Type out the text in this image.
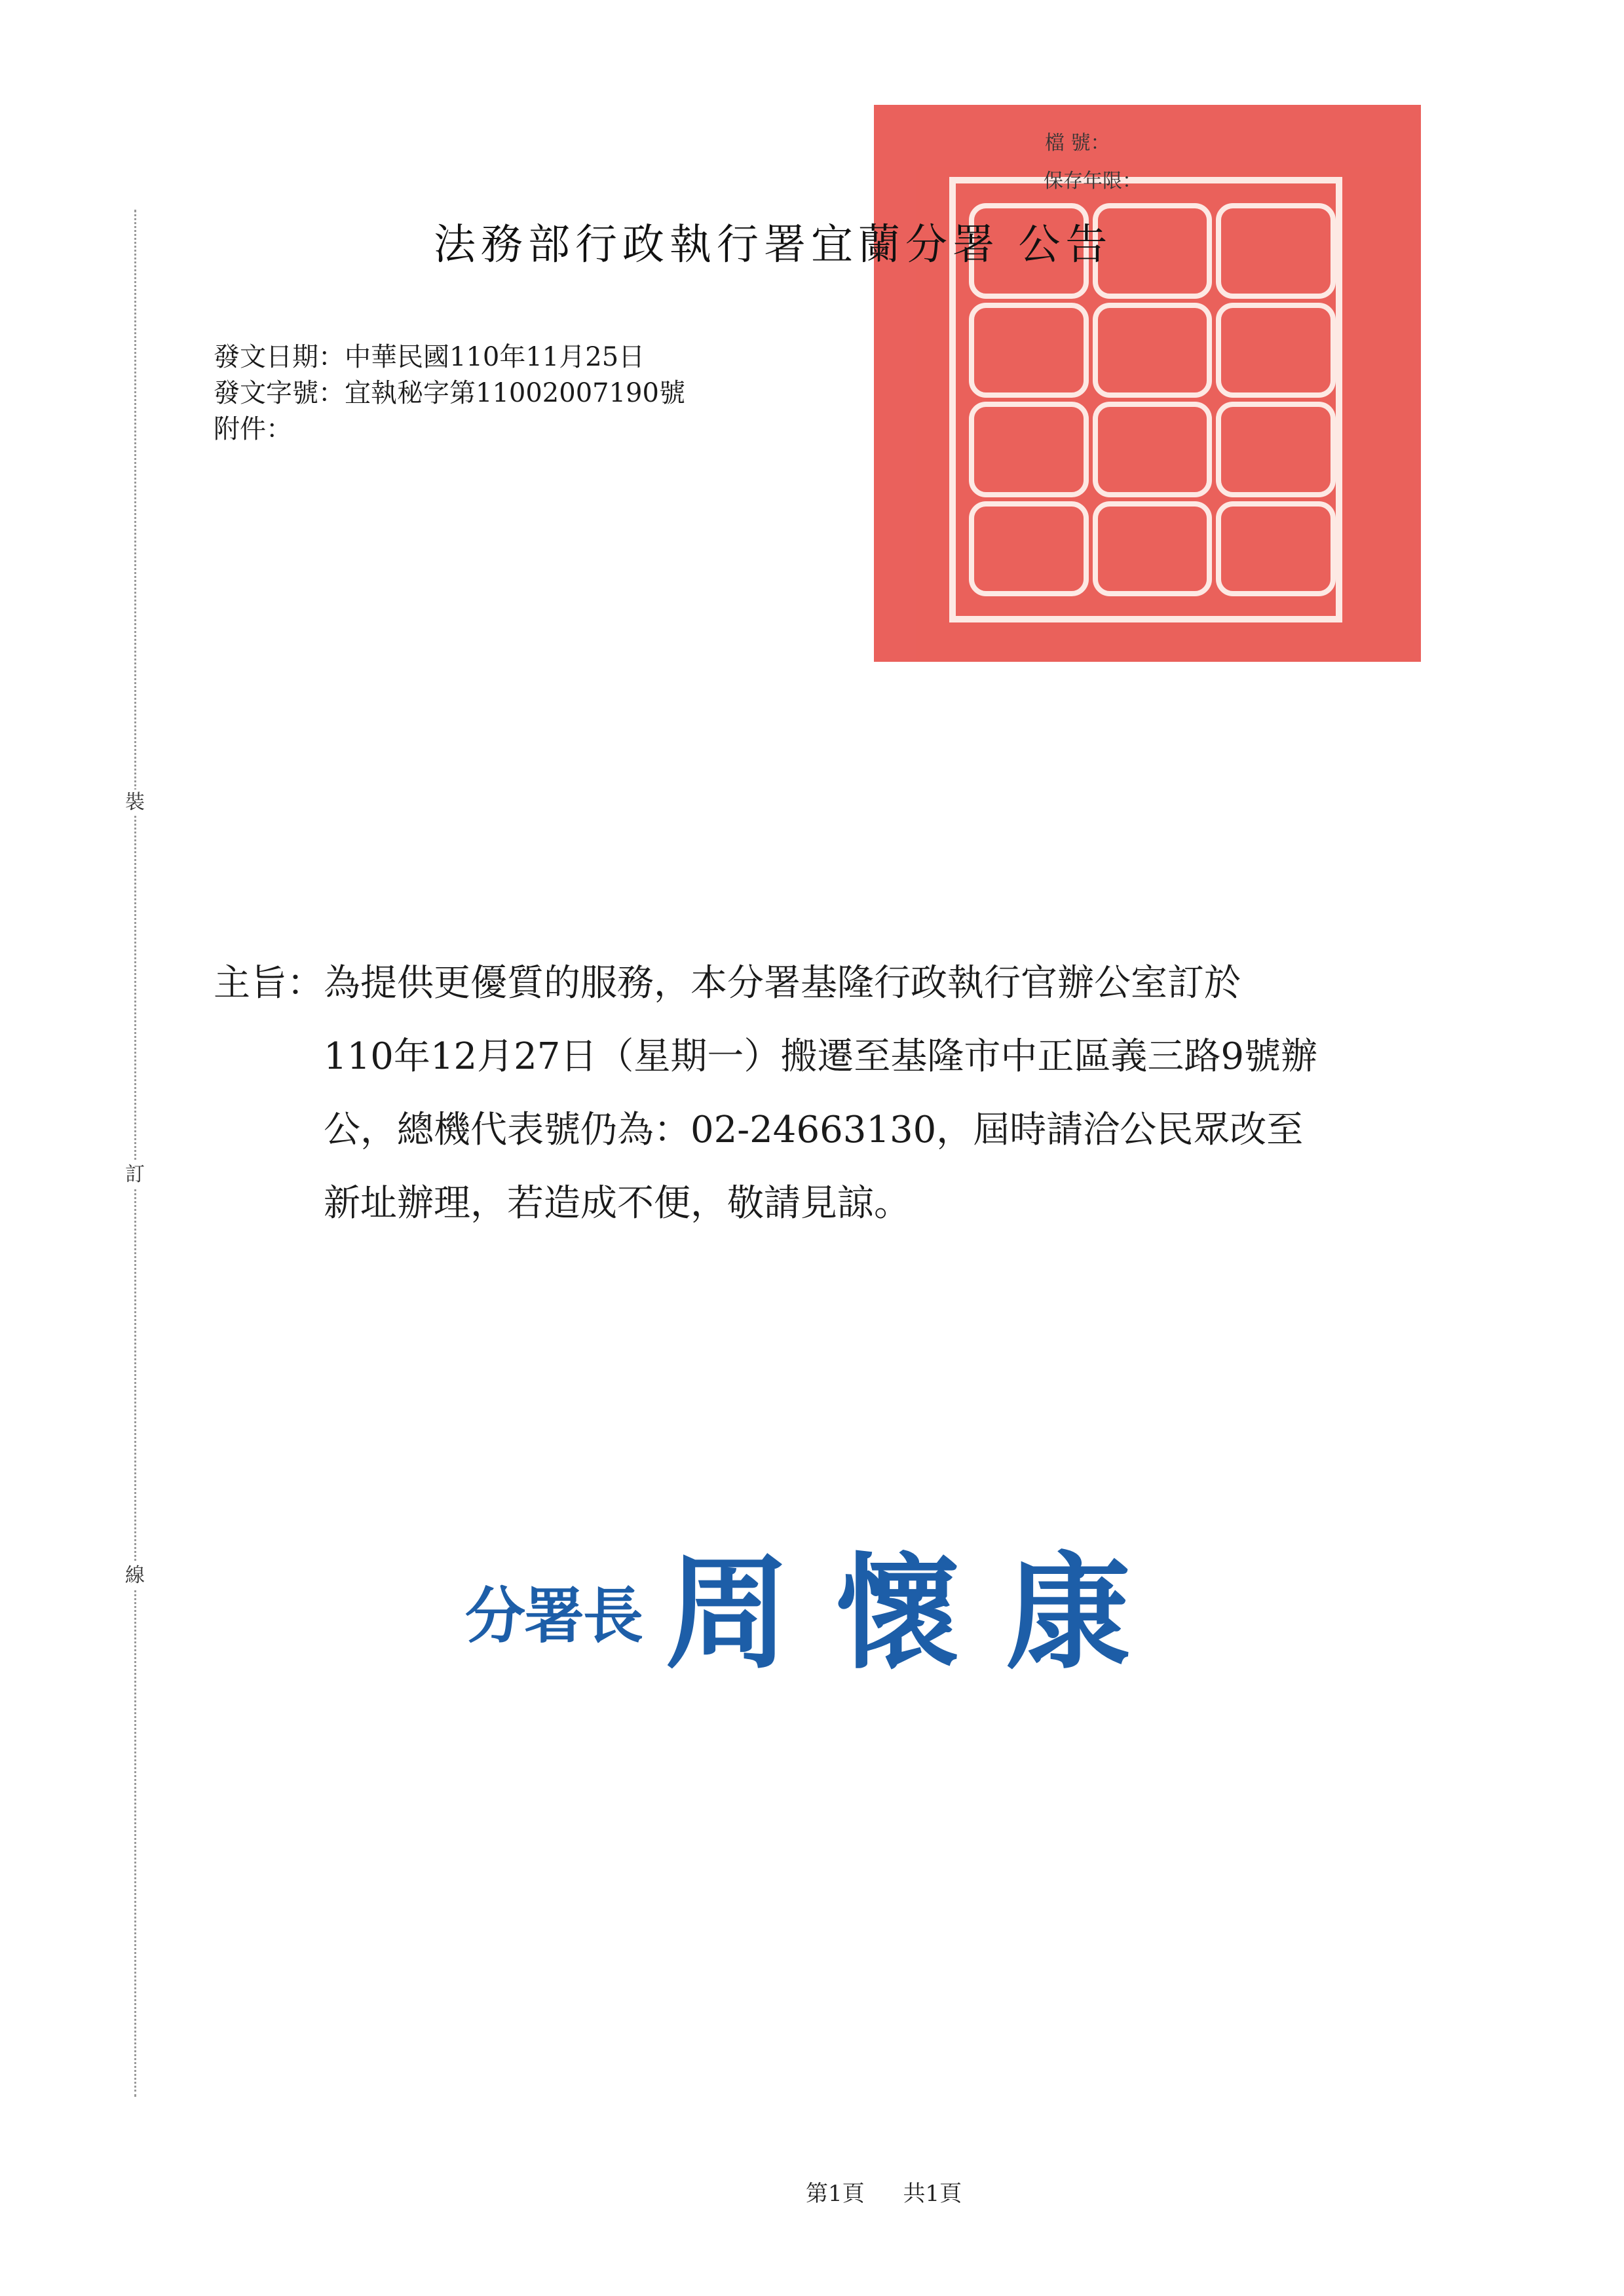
裝
訂
線
檔 號：
保存年限：
法務部行政執行署宜蘭分署 公告
發文日期：中華民國110年11月25日
發文字號：宜執秘字第11002007190號
附件：
主旨： 為提供更優質的服務，本分署基隆行政執行官辦公室訂於
110年12月27日（星期一）搬遷至基隆市中正區義三路9號辦
公，總機代表號仍為：02-24663130，屆時請洽公民眾改至
新址辦理，若造成不便，敬請見諒。
分署長 周懷康
第1頁 共1頁
